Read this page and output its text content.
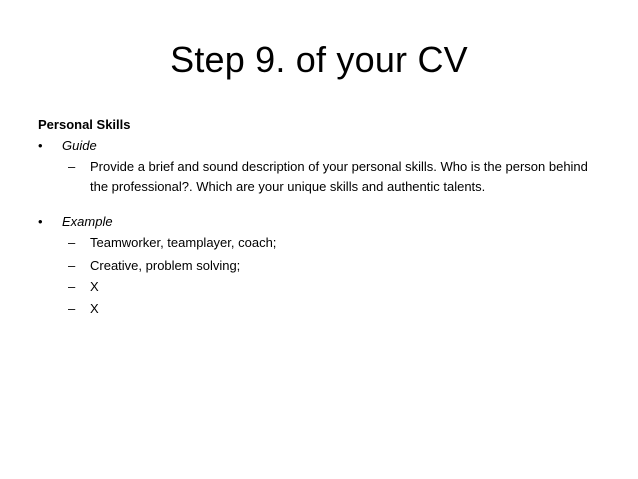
Step 9. of your CV
Personal Skills
•	Guide
– Provide a brief and sound description of your personal skills. Who is the person behind the professional?. Which are your unique skills and authentic talents.
•	Example
– Teamworker, teamplayer, coach;
– Creative, problem solving;
– X
– X
